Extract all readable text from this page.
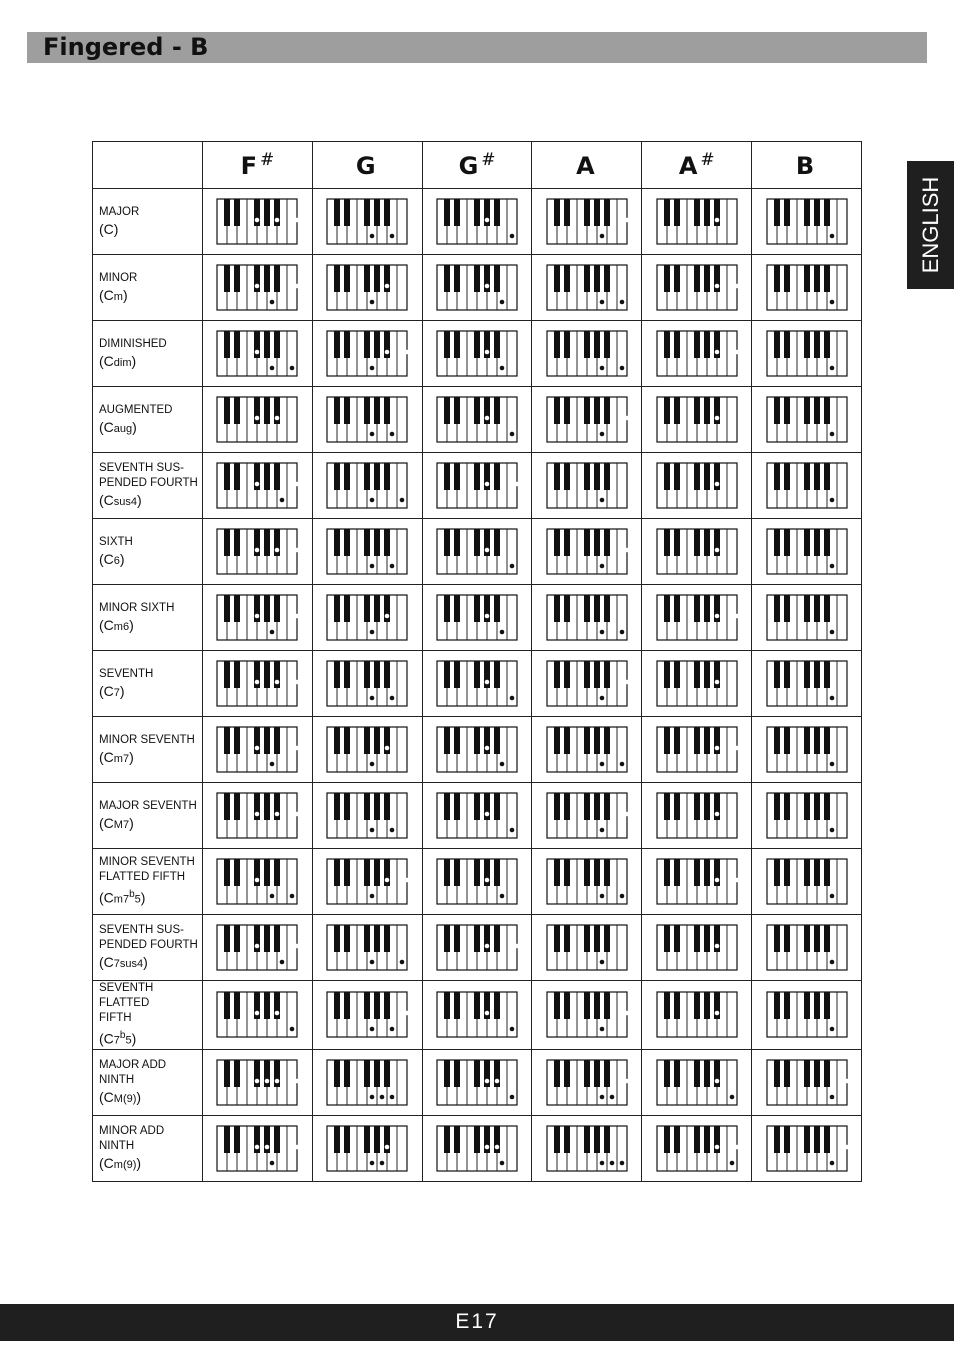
Fingered - B
ENGLISH
	F #	G	G #	A	A #	B

MAJOR
(C)

MINOR
(Cm)

DIMINISHED
(Cdim)

AUGMENTED
(Caug)

SEVENTH SUS-
PENDED FOURTH
(Csus4)

SIXTH
(C6)

MINOR SIXTH
(Cm6)

SEVENTH
(C7)

MINOR SEVENTH
(Cm7)

MAJOR SEVENTH
(CM7)

MINOR SEVENTH
FLATTED FIFTH
(Cm7$^b$5)

SEVENTH SUS-
PENDED FOURTH
(C7sus4)

SEVENTH FLATTED
FIFTH
(C7$^b$5)

MAJOR ADD NINTH
(CM(9))

MINOR ADD NINTH
(Cm(9))

E17
